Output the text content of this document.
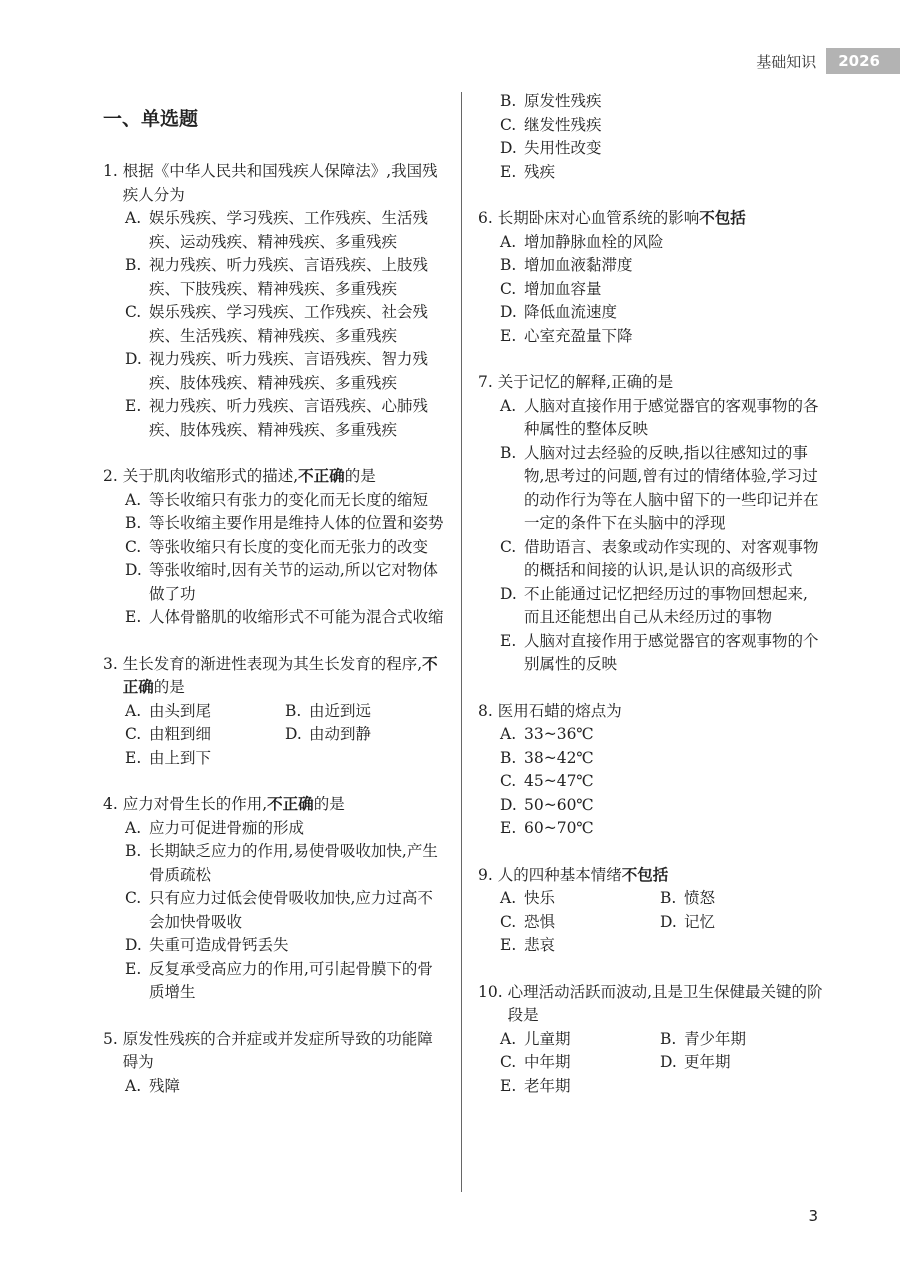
基础知识	2026
一、单选题
1.
根据《中华人民共和国残疾人保障法》,我国残疾人分为
A. 娱乐残疾、学习残疾、工作残疾、生活残疾、运动残疾、精神残疾、多重残疾
B. 视力残疾、听力残疾、言语残疾、上肢残疾、下肢残疾、精神残疾、多重残疾
C. 娱乐残疾、学习残疾、工作残疾、社会残疾、生活残疾、精神残疾、多重残疾
D. 视力残疾、听力残疾、言语残疾、智力残疾、肢体残疾、精神残疾、多重残疾
E. 视力残疾、听力残疾、言语残疾、心肺残疾、肢体残疾、精神残疾、多重残疾
2.
关于肌肉收缩形式的描述,不正确的是
A. 等长收缩只有张力的变化而无长度的缩短
B. 等长收缩主要作用是维持人体的位置和姿势
C. 等张收缩只有长度的变化而无张力的改变
D. 等张收缩时,因有关节的运动,所以它对物体做了功
E. 人体骨骼肌的收缩形式不可能为混合式收缩
3.
生长发育的渐进性表现为其生长发育的程序,不正确的是
A. 由头到尾	B. 由近到远
C. 由粗到细	D. 由动到静
E. 由上到下
4.
应力对骨生长的作用,不正确的是
A. 应力可促进骨痂的形成
B. 长期缺乏应力的作用,易使骨吸收加快,产生骨质疏松
C. 只有应力过低会使骨吸收加快,应力过高不会加快骨吸收
D. 失重可造成骨钙丢失
E. 反复承受高应力的作用,可引起骨膜下的骨质增生
5.
原发性残疾的合并症或并发症所导致的功能障碍为
A. 残障
B. 原发性残疾
C. 继发性残疾
D. 失用性改变
E. 残疾
6.
长期卧床对心血管系统的影响不包括
A. 增加静脉血栓的风险
B. 增加血液黏滞度
C. 增加血容量
D. 降低血流速度
E. 心室充盈量下降
7.
关于记忆的解释,正确的是
A. 人脑对直接作用于感觉器官的客观事物的各种属性的整体反映
B. 人脑对过去经验的反映,指以往感知过的事物,思考过的问题,曾有过的情绪体验,学习过的动作行为等在人脑中留下的一些印记并在一定的条件下在头脑中的浮现
C. 借助语言、表象或动作实现的、对客观事物的概括和间接的认识,是认识的高级形式
D. 不止能通过记忆把经历过的事物回想起来,而且还能想出自己从未经历过的事物
E. 人脑对直接作用于感觉器官的客观事物的个别属性的反映
8.
医用石蜡的熔点为
A. 33~36℃
B. 38~42℃
C. 45~47℃
D. 50~60℃
E. 60~70℃
9.
人的四种基本情绪不包括
A. 快乐	B. 愤怒
C. 恐惧	D. 记忆
E. 悲哀
10.
心理活动活跃而波动,且是卫生保健最关键的阶段是
A. 儿童期	B. 青少年期
C. 中年期	D. 更年期
E. 老年期
3
